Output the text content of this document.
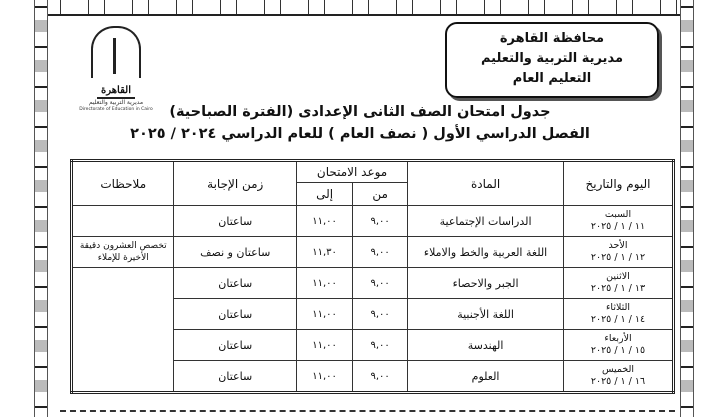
القاهرة
مديرية التربية والتعليم
Directorate of Education in Cairo
محافظة القاهرة
مديرية التربية والتعليم
التعليم العام
جدول امتحان الصف الثانى الإعدادى (الفترة الصباحية)
الفصل الدراسي الأول ( نصف العام ) للعام الدراسي ٢٠٢٤ / ٢٠٢٥
اليوم والتاريخ	المادة	موعد الامتحان		زمن الإجابة	ملاحظات
		من	إلى		

السبت
١١ / ١ / ٢٠٢٥	الدراسات الإجتماعية	٩,٠٠	١١,٠٠	ساعتان	

الأحد
١٢ / ١ / ٢٠٢٥	اللغة العربية والخط والاملاء	٩,٠٠	١١,٣٠	ساعتان و نصف	تخصص العشرون دقيقة الأخيرة للإملاء

الاثنين
١٣ / ١ / ٢٠٢٥	الجبر والاحصاء	٩,٠٠	١١,٠٠	ساعتان	

الثلاثاء
١٤ / ١ / ٢٠٢٥	اللغة الأجنبية	٩,٠٠	١١,٠٠	ساعتان	

الأربعاء
١٥ / ١ / ٢٠٢٥	الهندسة	٩,٠٠	١١,٠٠	ساعتان	

الخميس
١٦ / ١ / ٢٠٢٥	العلوم	٩,٠٠	١١,٠٠	ساعتان	
